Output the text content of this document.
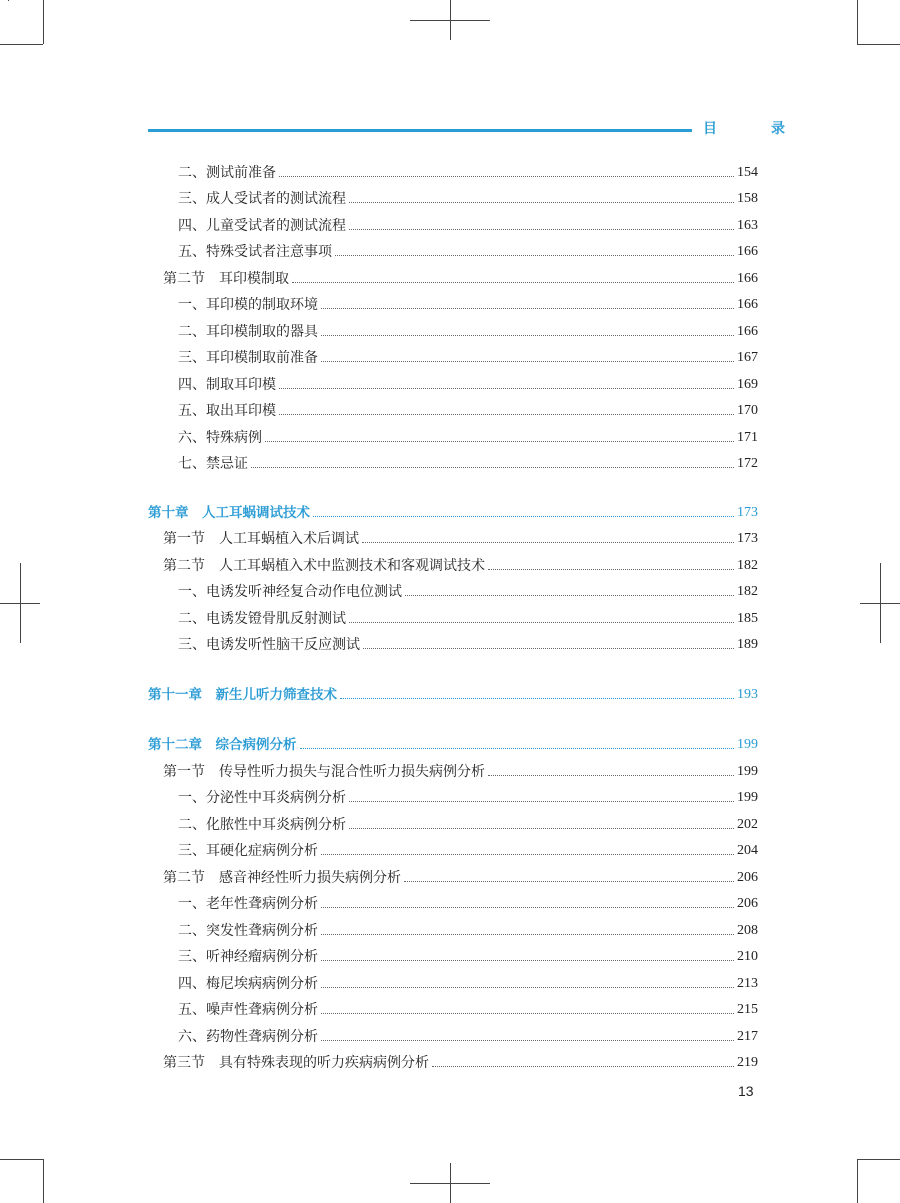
目　录
二、测试前准备	154
三、成人受试者的测试流程	158
四、儿童受试者的测试流程	163
五、特殊受试者注意事项	166
第二节　耳印模制取	166
一、耳印模的制取环境	166
二、耳印模制取的器具	166
三、耳印模制取前准备	167
四、制取耳印模	169
五、取出耳印模	170
六、特殊病例	171
七、禁忌证	172
第十章　人工耳蜗调试技术	173
第一节　人工耳蜗植入术后调试	173
第二节　人工耳蜗植入术中监测技术和客观调试技术	182
一、电诱发听神经复合动作电位测试	182
二、电诱发镫骨肌反射测试	185
三、电诱发听性脑干反应测试	189
第十一章　新生儿听力筛查技术	193
第十二章　综合病例分析	199
第一节　传导性听力损失与混合性听力损失病例分析	199
一、分泌性中耳炎病例分析	199
二、化脓性中耳炎病例分析	202
三、耳硬化症病例分析	204
第二节　感音神经性听力损失病例分析	206
一、老年性聋病例分析	206
二、突发性聋病例分析	208
三、听神经瘤病例分析	210
四、梅尼埃病病例分析	213
五、噪声性聋病例分析	215
六、药物性聋病例分析	217
第三节　具有特殊表现的听力疾病病例分析	219
13
